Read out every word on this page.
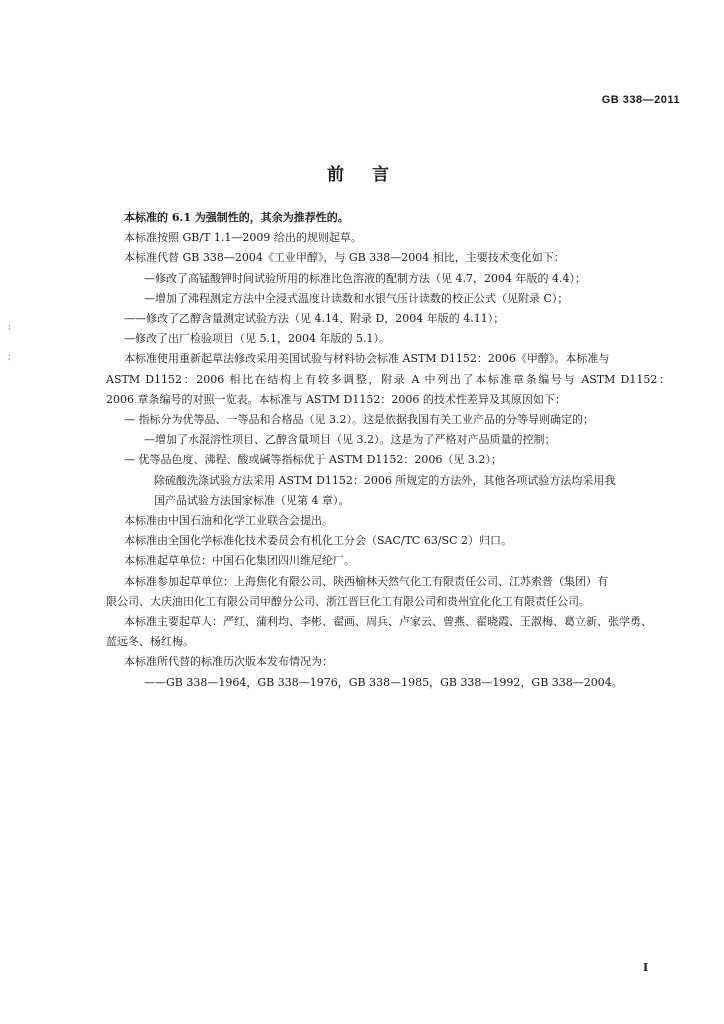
GB 338—2011
前言
;
;
本标准的 6.1 为强制性的，其余为推荐性的。
本标准按照 GB/T 1.1—2009 给出的规则起草。
本标准代替 GB 338—2004《工业甲醇》，与 GB 338—2004 相比，主要技术变化如下：
—修改了高锰酸钾时间试验所用的标准比色溶液的配制方法（见 4.7，2004 年版的 4.4）；
—增加了沸程测定方法中全浸式温度计读数和水银气压计读数的校正公式（见附录 C）；
——修改了乙醇含量测定试验方法（见 4.14、附录 D，2004 年版的 4.11）；
—修改了出厂检验项目（见 5.1，2004 年版的 5.1）。
本标准使用重新起草法修改采用美国试验与材料协会标准 ASTM D1152：2006《甲醇》。本标准与
ASTM D1152：2006 相比在结构上有较多调整，附录 A 中列出了本标准章条编号与 ASTM D1152：
2006 章条编号的对照一览表。本标准与 ASTM D1152：2006 的技术性差异及其原因如下：
— 指标分为优等品、一等品和合格品（见 3.2）。这是依据我国有关工业产品的分等导则确定的；
—增加了水混溶性项目、乙醇含量项目（见 3.2）。这是为了严格对产品质量的控制；
— 优等品色度、沸程、酸或碱等指标优于 ASTM D1152：2006（见 3.2）；
除硫酸洗涤试验方法采用 ASTM D1152：2006 所规定的方法外，其他各项试验方法均采用我
国产品试验方法国家标准（见第 4 章）。
本标准由中国石油和化学工业联合会提出。
本标准由全国化学标准化技术委员会有机化工分会（SAC/TC 63/SC 2）归口。
本标准起草单位：中国石化集团四川维尼纶厂。
本标准参加起草单位：上海焦化有限公司、陕西榆林天然气化工有限责任公司、江苏索普（集团）有
限公司、大庆油田化工有限公司甲醇分公司、浙江晋巨化工有限公司和贵州宜化化工有限责任公司。
本标准主要起草人：严红、蒲利均、李彬、翟画、周兵、卢家云、曾燕、翟晓霞、王淑梅、葛立新、张学勇、
蓝远冬、杨红梅。
本标准所代替的标准历次版本发布情况为：
——GB 338—1964，GB 338—1976，GB 338—1985，GB 338—1992，GB 338—2004。
I
